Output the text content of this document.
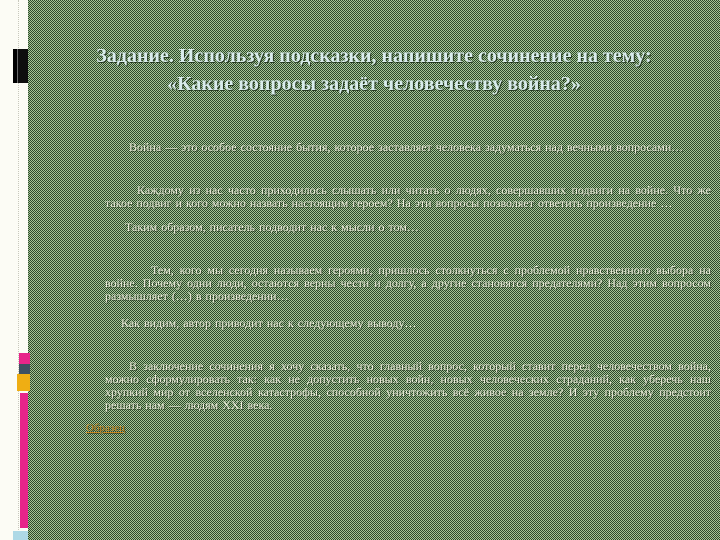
Задание. Используя подсказки, напишите сочинение на тему: «Какие вопросы задаёт человечеству война?»

Война — это особое состояние бытия, которое заставляет человека задуматься над вечными вопросами…

Каждому из нас часто приходилось слышать или читать о людях, совершавших подвиги на войне. Что же такое подвиг и кого можно назвать настоящим героем? На эти вопросы позволяет ответить произведение …

Таким образом, писатель подводит нас к мысли о том…

Тем, кого мы сегодня называем героями, пришлось столкнуться с проблемой нравственного выбора на войне. Почему одни люди, остаются верны чести и долгу, а другие становятся предателями? Над этим вопросом размышляет (…) в произведении…

Как видим, автор приводит нас к следующему выводу…

В заключение сочинения я хочу сказать, что главный вопрос, который ставит перед человечеством война, можно сформулировать так: как не допустить новых войн, новых человеческих страданий, как уберечь наш хрупкий мир от вселенской катастрофы, способной уничтожить всё живое на земле? И эту проблему предстоит решать нам — людям XXI века.

Образец
